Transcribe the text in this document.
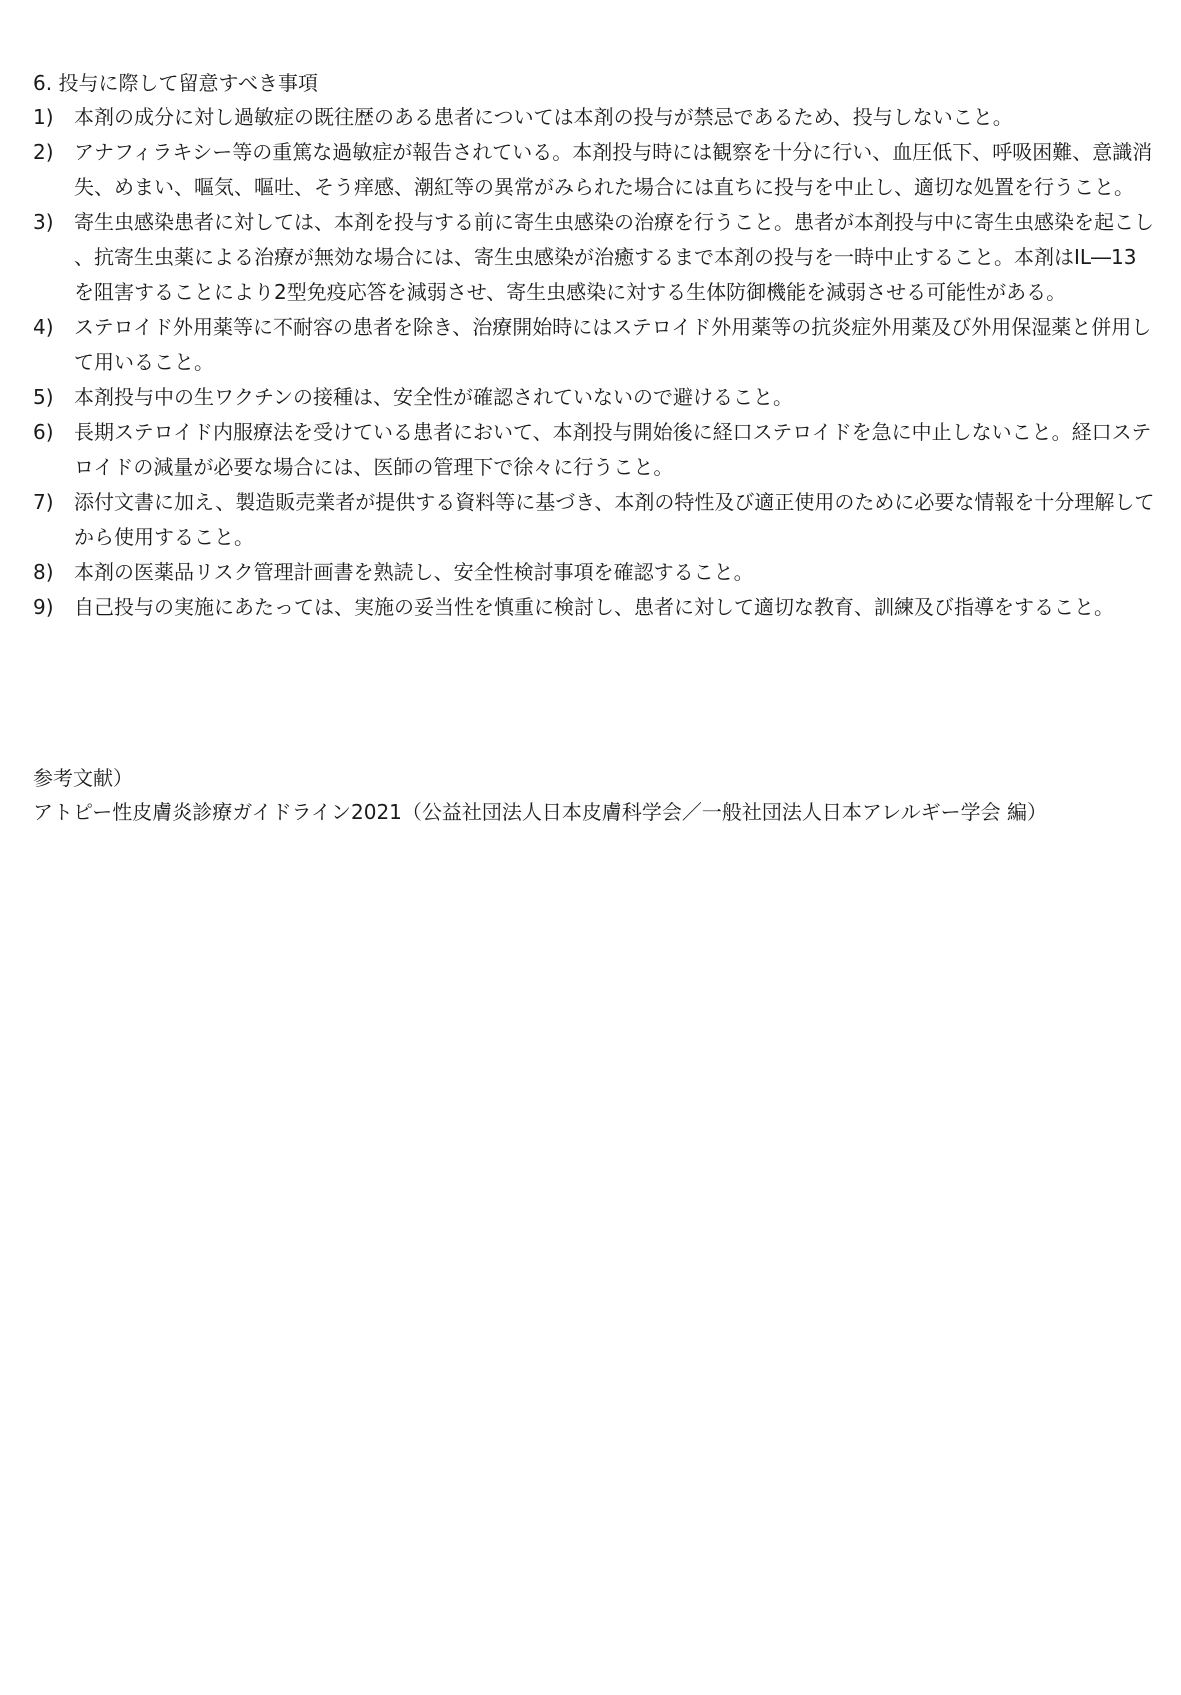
6. 投与に際して留意すべき事項
1)	本剤の成分に対し過敏症の既往歴のある患者については本剤の投与が禁忌であるため、投与しないこと。
2)	アナフィラキシー等の重篤な過敏症が報告されている。本剤投与時には観察を十分に行い、血圧低下、呼吸困難、意識消失、めまい、嘔気、嘔吐、そう痒感、潮紅等の異常がみられた場合には直ちに投与を中止し、適切な処置を行うこと。
3)	寄生虫感染患者に対しては、本剤を投与する前に寄生虫感染の治療を行うこと。患者が本剤投与中に寄生虫感染を起こし、抗寄生虫薬による治療が無効な場合には、寄生虫感染が治癒するまで本剤の投与を一時中止すること。本剤はIL―13を阻害することにより2型免疫応答を減弱させ、寄生虫感染に対する生体防御機能を減弱させる可能性がある。
4)	ステロイド外用薬等に不耐容の患者を除き、治療開始時にはステロイド外用薬等の抗炎症外用薬及び外用保湿薬と併用して用いること。
5)	本剤投与中の生ワクチンの接種は、安全性が確認されていないので避けること。
6)	長期ステロイド内服療法を受けている患者において、本剤投与開始後に経口ステロイドを急に中止しないこと。経口ステロイドの減量が必要な場合には、医師の管理下で徐々に行うこと。
7)	添付文書に加え、製造販売業者が提供する資料等に基づき、本剤の特性及び適正使用のために必要な情報を十分理解してから使用すること。
8)	本剤の医薬品リスク管理計画書を熟読し、安全性検討事項を確認すること。
9)	自己投与の実施にあたっては、実施の妥当性を慎重に検討し、患者に対して適切な教育、訓練及び指導をすること。
参考文献）
アトピー性皮膚炎診療ガイドライン2021（公益社団法人日本皮膚科学会／一般社団法人日本アレルギー学会 編）
